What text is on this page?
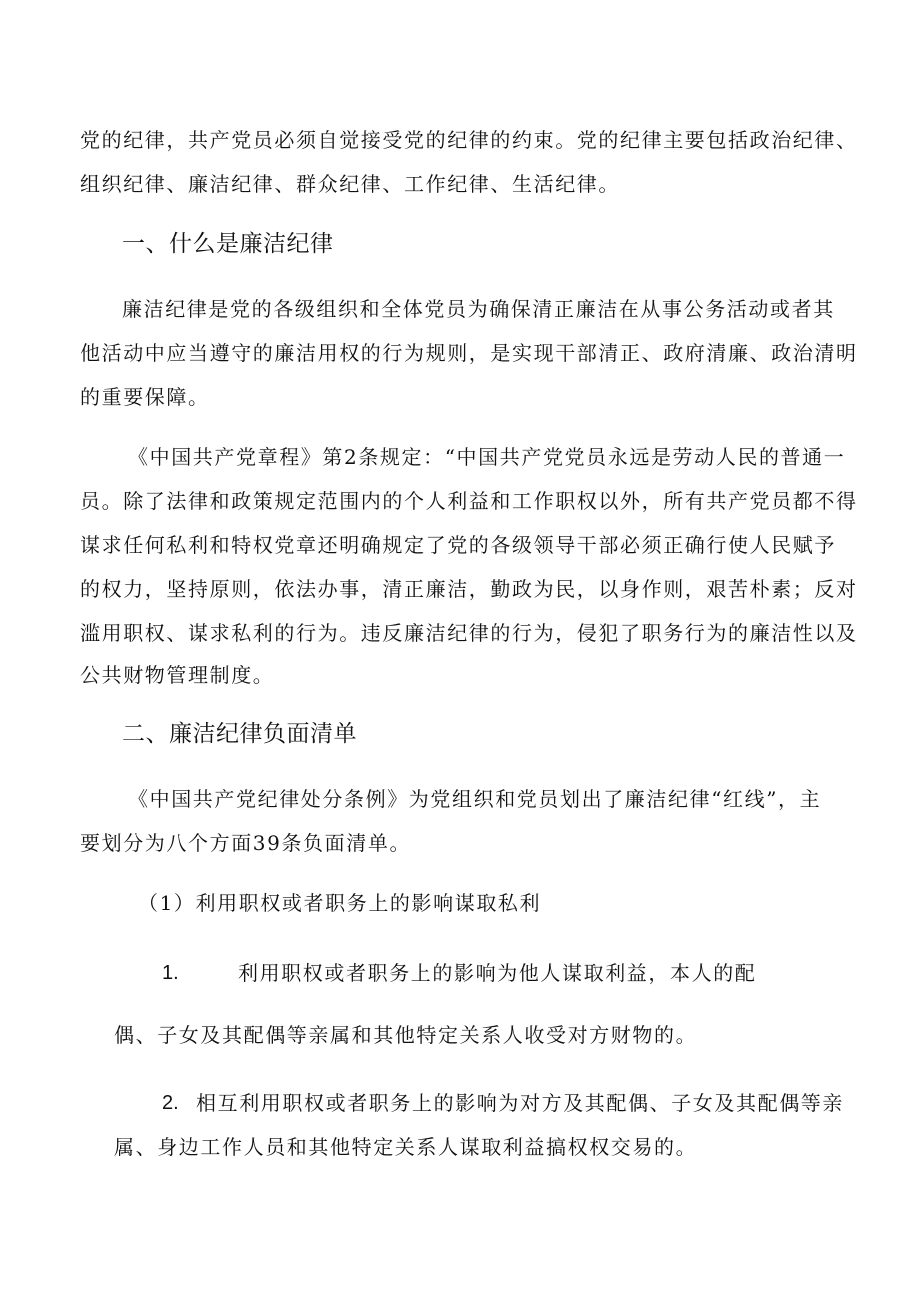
党的纪律，共产党员必须自觉接受党的纪律的约束。党的纪律主要包括政治纪律、
组织纪律、廉洁纪律、群众纪律、工作纪律、生活纪律。
一、什么是廉洁纪律
廉洁纪律是党的各级组织和全体党员为确保清正廉洁在从事公务活动或者其
他活动中应当遵守的廉洁用权的行为规则，是实现干部清正、政府清廉、政治清明
的重要保障。
《中国共产党章程》第2条规定：“中国共产党党员永远是劳动人民的普通一
员。除了法律和政策规定范围内的个人利益和工作职权以外，所有共产党员都不得
谋求任何私利和特权党章还明确规定了党的各级领导干部必须正确行使人民赋予
的权力，坚持原则，依法办事，清正廉洁，勤政为民，以身作则，艰苦朴素；反对
滥用职权、谋求私利的行为。违反廉洁纪律的行为，侵犯了职务行为的廉洁性以及
公共财物管理制度。
二、廉洁纪律负面清单
《中国共产党纪律处分条例》为党组织和党员划出了廉洁纪律“红线”，主
要划分为八个方面39条负面清单。
（1）利用职权或者职务上的影响谋取私利
1.	利用职权或者职务上的影响为他人谋取利益，本人的配
偶、子女及其配偶等亲属和其他特定关系人收受对方财物的。
2. 相互利用职权或者职务上的影响为对方及其配偶、子女及其配偶等亲
属、身边工作人员和其他特定关系人谋取利益搞权权交易的。
